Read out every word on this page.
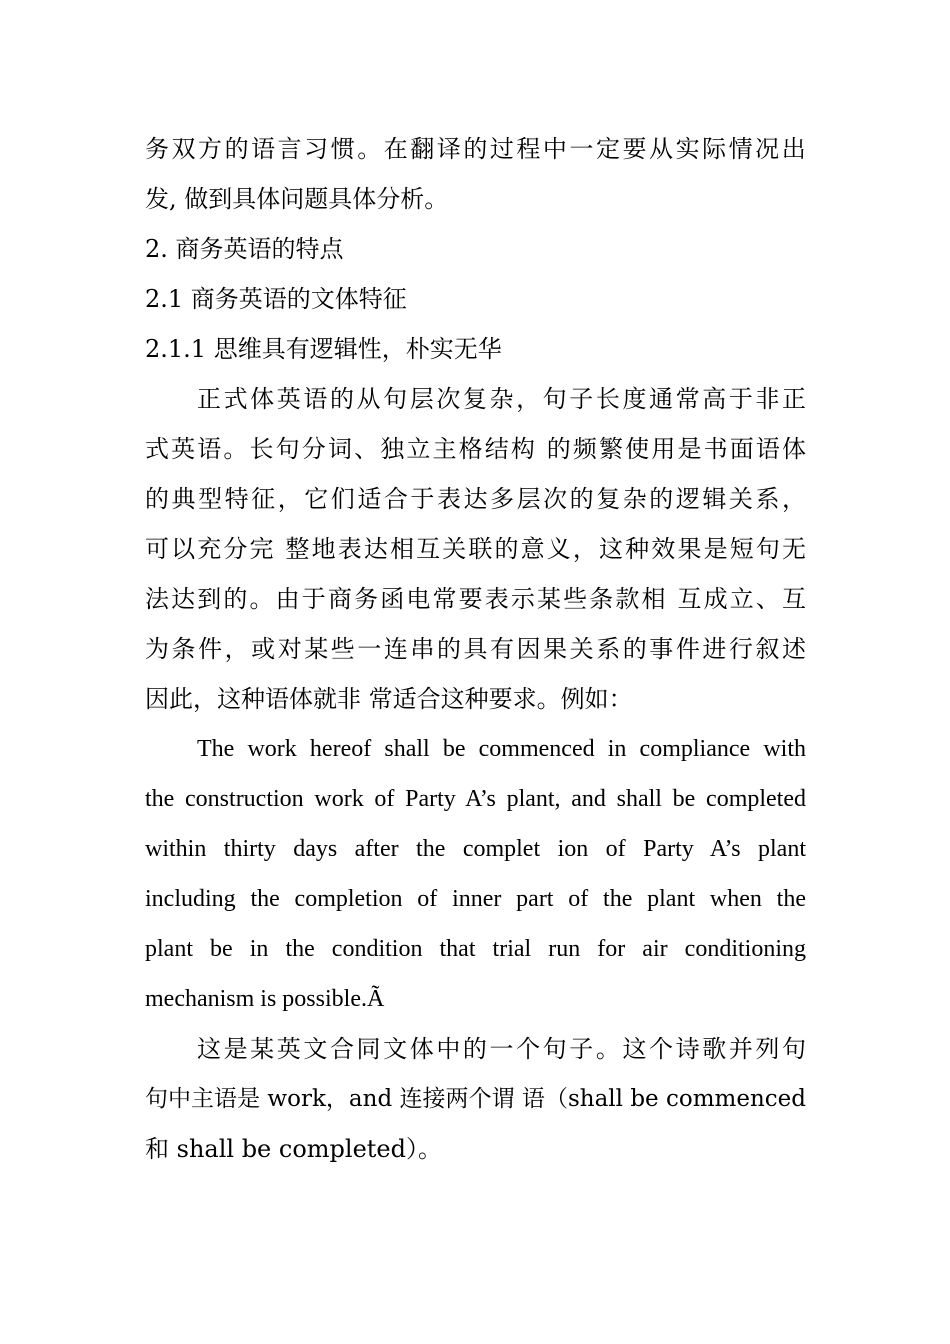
务双方的语言习惯。在翻译的过程中一定要从实际情况出
发, 做到具体问题具体分析。
2. 商务英语的特点
2.1 商务英语的文体特征
2.1.1 思维具有逻辑性，朴实无华
正式体英语的从句层次复杂，句子长度通常高于非正
式英语。长句分词、独立主格结构 的频繁使用是书面语体
的典型特征，它们适合于表达多层次的复杂的逻辑关系，
可以充分完 整地表达相互关联的意义，这种效果是短句无
法达到的。由于商务函电常要表示某些条款相 互成立、互
为条件，或对某些一连串的具有因果关系的事件进行叙述
因此，这种语体就非 常适合这种要求。例如：
The work hereof shall be commenced in compliance with
the construction work of Party A’s plant, and shall be completed
within thirty days after the complet ion of Party A’s plant
including the completion of inner part of the plant when the
plant be in the condition that trial run for air conditioning
mechanism is possible.Ã
这是某英文合同文体中的一个句子。这个诗歌并列句
句中主语是 work，and 连接两个谓 语（shall be commenced
和 shall be completed）。
